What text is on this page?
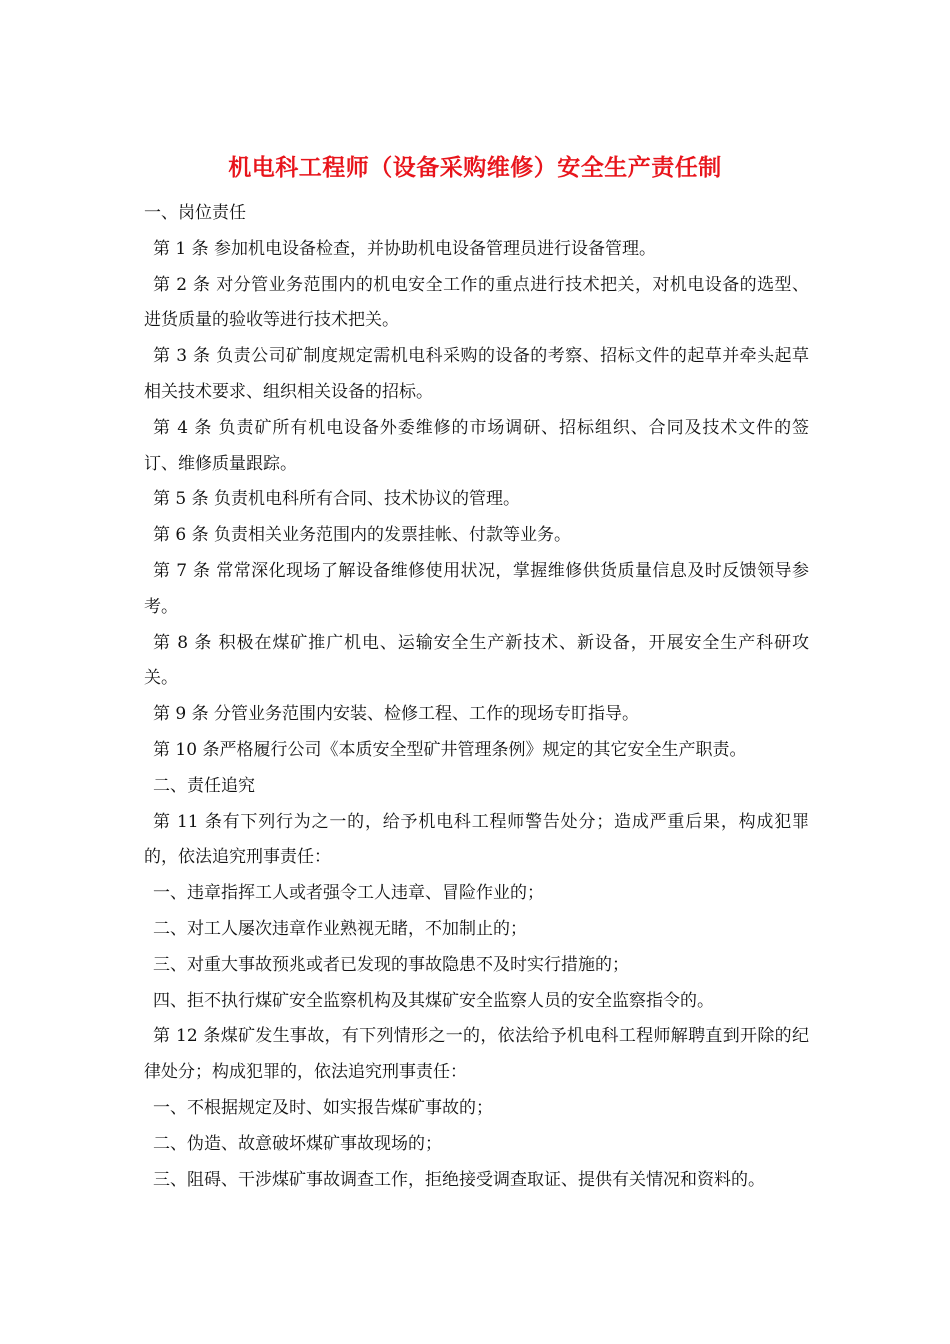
机电科工程师（设备采购维修）安全生产责任制

一、岗位责任

第 1 条 参加机电设备检查，并协助机电设备管理员进行设备管理。

第 2 条 对分管业务范围内的机电安全工作的重点进行技术把关，对机电设备的选型、进货质量的验收等进行技术把关。

第 3 条 负责公司矿制度规定需机电科采购的设备的考察、招标文件的起草并牵头起草相关技术要求、组织相关设备的招标。

第 4 条 负责矿所有机电设备外委维修的市场调研、招标组织、合同及技术文件的签订、维修质量跟踪。

第 5 条 负责机电科所有合同、技术协议的管理。

第 6 条 负责相关业务范围内的发票挂帐、付款等业务。

第 7 条 常常深化现场了解设备维修使用状况，掌握维修供货质量信息及时反馈领导参考。

第 8 条 积极在煤矿推广机电、运输安全生产新技术、新设备，开展安全生产科研攻关。

第 9 条 分管业务范围内安装、检修工程、工作的现场专盯指导。

第 10 条严格履行公司《本质安全型矿井管理条例》规定的其它安全生产职责。

二、责任追究

第 11 条有下列行为之一的，给予机电科工程师警告处分；造成严重后果，构成犯罪的，依法追究刑事责任：

一、违章指挥工人或者强令工人违章、冒险作业的；

二、对工人屡次违章作业熟视无睹，不加制止的；

三、对重大事故预兆或者已发现的事故隐患不及时实行措施的；

四、拒不执行煤矿安全监察机构及其煤矿安全监察人员的安全监察指令的。

第 12 条煤矿发生事故，有下列情形之一的，依法给予机电科工程师解聘直到开除的纪律处分；构成犯罪的，依法追究刑事责任：

一、不根据规定及时、如实报告煤矿事故的；

二、伪造、故意破坏煤矿事故现场的；

三、阻碍、干涉煤矿事故调查工作，拒绝接受调查取证、提供有关情况和资料的。
